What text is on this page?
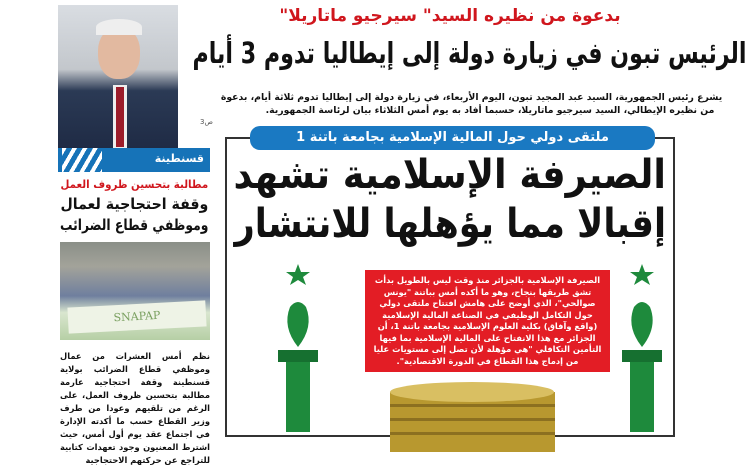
بدعوة من نظيره السيد" سيرجيو ماتاريلا"
الرئيس تبون في زيارة دولة إلى إيطاليا تدوم 3 أيام
يشرع رئيس الجمهورية، السيد عبد المجيد تبون، اليوم الأربعاء، في زيارة دولة إلى إيطاليا تدوم ثلاثة أيام، بدعوة
من نظيره الإيطالي، السيد سيرجيو ماتاريلا، حسبما أفاد به يوم أمس الثلاثاء بيان لرئاسة الجمهورية.
ص3
قسنطينة
مطالبة بتحسين ظروف العمل
وقفة احتجاجية لعمال
وموظفي قطاع الضرائب
SNAPAP
نظم أمس العشرات من عمال وموظفي قطاع الضرائب بولاية قسنطينة وقفة احتجاجية عارمة مطالبة بتحسين ظروف العمل، على الرغم من تلقيهم وعودا من طرف وزير القطاع حسب ما أكدته الإدارة في اجتماع عقد يوم أول أمس، حيث اشترط المعنيون وجود تعهدات كتابية للتراجع عن حركتهم الاحتجاجية
ملتقى دولي حول المالية الإسلامية بجامعة باتنة 1
الصيرفة الإسلامية تشهد
إقبالا مما يؤهلها للانتشار
الصيرفة الإسلامية بالجزائر منذ وقت ليس بالطويل بدأت تشق طريقها بنجاح، وهو ما أكده أمس بباتنة "يونس صوالحي"، الذي أوضح على هامش افتتاح ملتقى دولي حول التكامل الوظيفي في الصناعة المالية الإسلامية (واقع وآفاق) بكلية العلوم الإسلامية بجامعة باتنة 1، أن الجزائر مع هذا الانفتاح على المالية الإسلامية بما فيها التأمين التكافلي "هي مؤهلة لأن تصل إلى مستويات عليا من إدماج هذا القطاع في الدورة الاقتصادية".
